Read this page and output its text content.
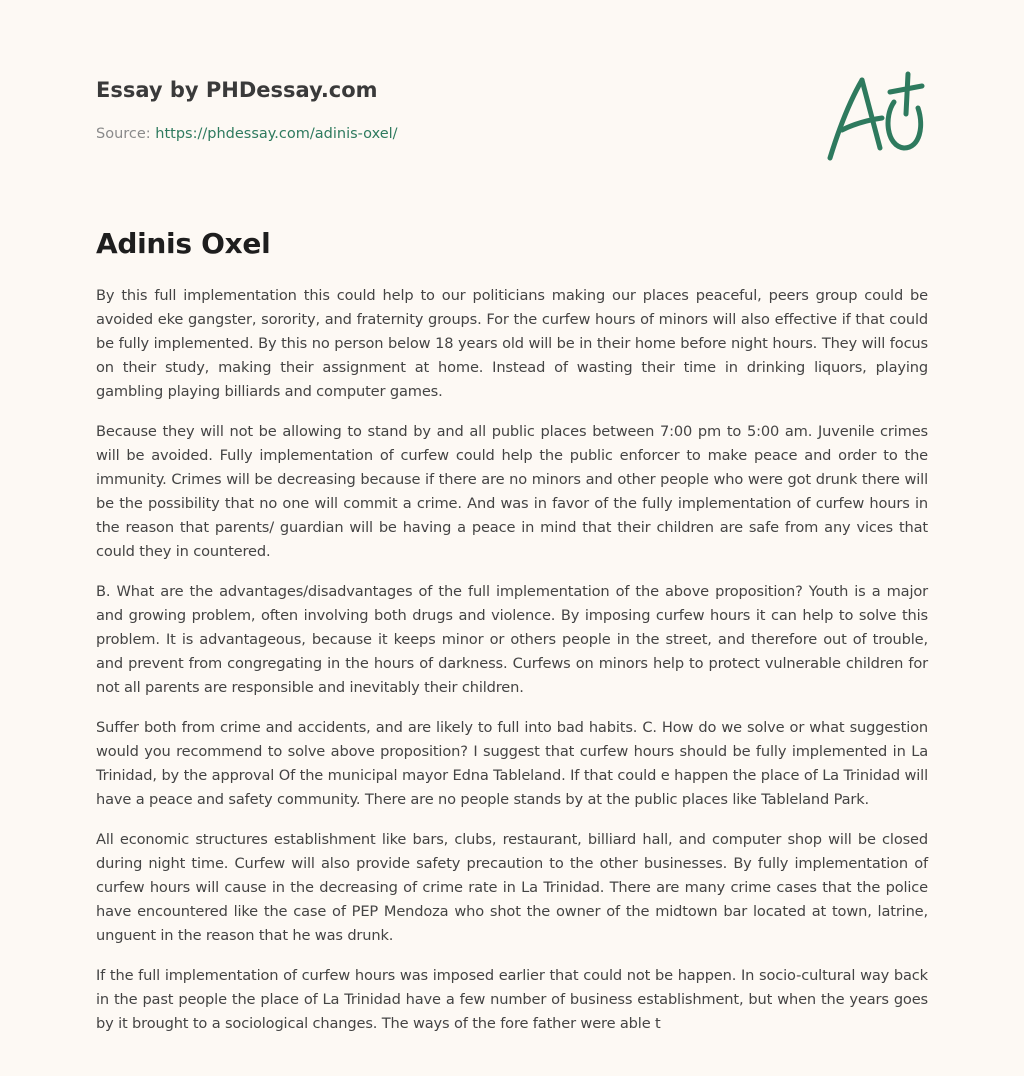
Essay by PHDessay.com
Source: https://phdessay.com/adinis-oxel/
Adinis Oxel

By this full implementation this could help to our politicians making our places peaceful, peers group could be avoided eke gangster, sorority, and fraternity groups. For the curfew hours of minors will also effective if that could be fully implemented. By this no person below 18 years old will be in their home before night hours. They will focus on their study, making their assignment at home. Instead of wasting their time in drinking liquors, playing gambling playing billiards and computer games.

Because they will not be allowing to stand by and all public places between 7:00 pm to 5:00 am. Juvenile crimes will be avoided. Fully implementation of curfew could help the public enforcer to make peace and order to the immunity. Crimes will be decreasing because if there are no minors and other people who were got drunk there will be the possibility that no one will commit a crime. And was in favor of the fully implementation of curfew hours in the reason that parents/ guardian will be having a peace in mind that their children are safe from any vices that could they in countered.

B. What are the advantages/disadvantages of the full implementation of the above proposition? Youth is a major and growing problem, often involving both drugs and violence. By imposing curfew hours it can help to solve this problem. It is advantageous, because it keeps minor or others people in the street, and therefore out of trouble, and prevent from congregating in the hours of darkness. Curfews on minors help to protect vulnerable children for not all parents are responsible and inevitably their children.

Suffer both from crime and accidents, and are likely to full into bad habits. C. How do we solve or what suggestion would you recommend to solve above proposition? I suggest that curfew hours should be fully implemented in La Trinidad, by the approval Of the municipal mayor Edna Tableland. If that could e happen the place of La Trinidad will have a peace and safety community. There are no people stands by at the public places like Tableland Park.

All economic structures establishment like bars, clubs, restaurant, billiard hall, and computer shop will be closed during night time. Curfew will also provide safety precaution to the other businesses. By fully implementation of curfew hours will cause in the decreasing of crime rate in La Trinidad. There are many crime cases that the police have encountered like the case of PEP Mendoza who shot the owner of the midtown bar located at town, latrine, unguent in the reason that he was drunk.

If the full implementation of curfew hours was imposed earlier that could not be happen. In socio-cultural way back in the past people the place of La Trinidad have a few number of business establishment, but when the years goes by it brought to a sociological changes. The ways of the fore father were able t
